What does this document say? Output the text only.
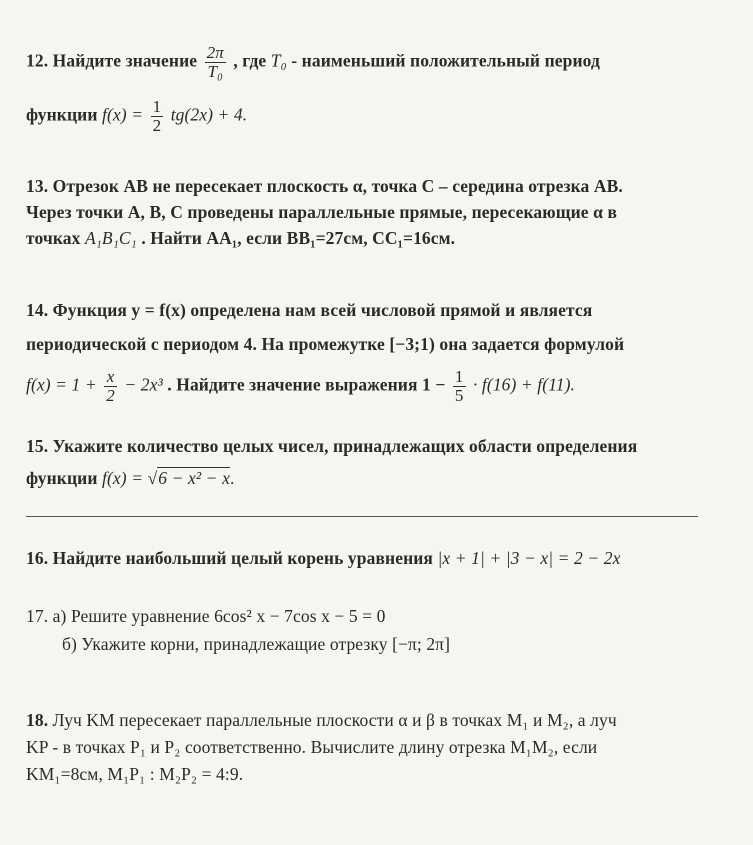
12. Найдите значение $\frac{2\pi}{\text{T₀}}$ , где T₀ - наименьший положительный период
функции $f(x) = \frac{1}{2} tg(2x) + 4$.
13. Отрезок AB не пересекает плоскость α, точка C – середина отрезка AB.
Через точки A, B, C проведены параллельные прямые, пересекающие α в
точках A₁B₁C₁ . Найти AA₁, если BB₁=27см, CC₁=16см.
14. Функция y = f(x) определена нам всей числовой прямой и является
периодической с периодом 4. На промежутке [−3;1) она задается формулой
$f(x) = 1 + \frac{x}{2} - 2x^3$ . Найдите значение выражения $1 - \frac{1}{5} \cdot f(16) + f(11)$.
15. Укажите количество целых чисел, принадлежащих области определения
функции f(x) = √6 − x² − x.
16. Найдите наибольший целый корень уравнения |x + 1| + |3 − x| = 2 − 2x
17. а) Решите уравнение 6cos² x − 7cos x − 5 = 0
б) Укажите корни, принадлежащие отрезку [−π; 2π]
18. Луч KM пересекает параллельные плоскости α и β в точках M₁ и M₂, а луч
KP - в точках P₁ и P₂ соответственно. Вычислите длину отрезка M₁M₂, если
KM₁=8см, M₁P₁ : M₂P₂ = 4:9.
